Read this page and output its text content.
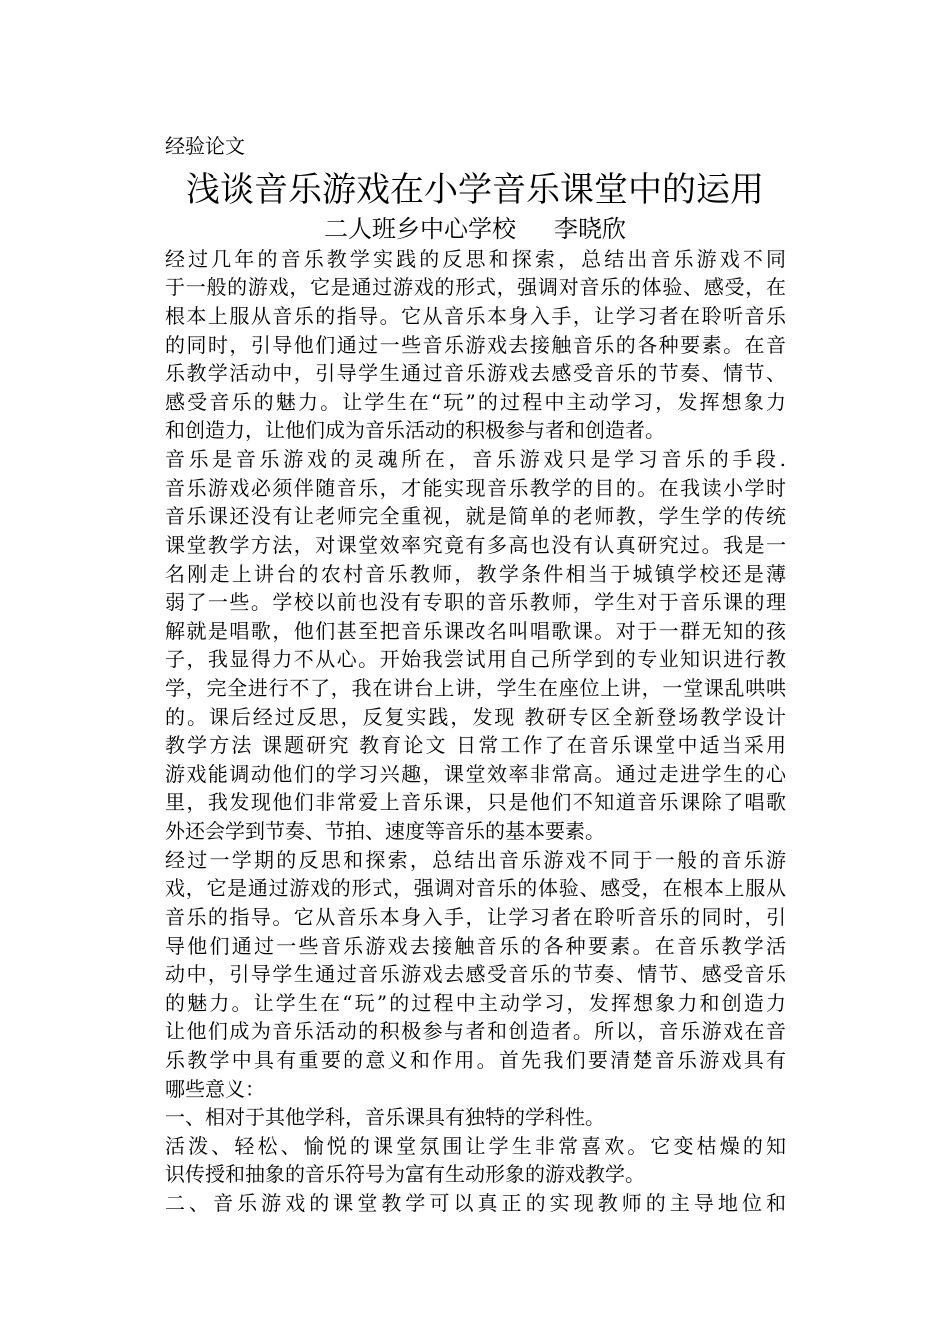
经验论文
浅谈音乐游戏在小学音乐课堂中的运用
二人班乡中心学校 李晓欣
经过几年的音乐教学实践的反思和探索，总结出音乐游戏不同
于一般的游戏，它是通过游戏的形式，强调对音乐的体验、感受，在
根本上服从音乐的指导。它从音乐本身入手，让学习者在聆听音乐
的同时，引导他们通过一些音乐游戏去接触音乐的各种要素。在音
乐教学活动中，引导学生通过音乐游戏去感受音乐的节奏、情节、
感受音乐的魅力。让学生在“玩”的过程中主动学习，发挥想象力
和创造力，让他们成为音乐活动的积极参与者和创造者。
音乐是音乐游戏的灵魂所在，音乐游戏只是学习音乐的手段.
音乐游戏必须伴随音乐，才能实现音乐教学的目的。在我读小学时
音乐课还没有让老师完全重视，就是简单的老师教，学生学的传统
课堂教学方法，对课堂效率究竟有多高也没有认真研究过。我是一
名刚走上讲台的农村音乐教师，教学条件相当于城镇学校还是薄
弱了一些。学校以前也没有专职的音乐教师，学生对于音乐课的理
解就是唱歌，他们甚至把音乐课改名叫唱歌课。对于一群无知的孩
子，我显得力不从心。开始我尝试用自己所学到的专业知识进行教
学，完全进行不了，我在讲台上讲，学生在座位上讲，一堂课乱哄哄
的。课后经过反思，反复实践，发现 教研专区全新登场教学设计
教学方法 课题研究 教育论文 日常工作了在音乐课堂中适当采用
游戏能调动他们的学习兴趣，课堂效率非常高。通过走进学生的心
里，我发现他们非常爱上音乐课，只是他们不知道音乐课除了唱歌
外还会学到节奏、节拍、速度等音乐的基本要素。
经过一学期的反思和探索，总结出音乐游戏不同于一般的音乐游
戏，它是通过游戏的形式，强调对音乐的体验、感受，在根本上服从
音乐的指导。它从音乐本身入手，让学习者在聆听音乐的同时，引
导他们通过一些音乐游戏去接触音乐的各种要素。在音乐教学活
动中，引导学生通过音乐游戏去感受音乐的节奏、情节、感受音乐
的魅力。让学生在“玩”的过程中主动学习，发挥想象力和创造力
让他们成为音乐活动的积极参与者和创造者。所以，音乐游戏在音
乐教学中具有重要的意义和作用。首先我们要清楚音乐游戏具有
哪些意义：
一、相对于其他学科，音乐课具有独特的学科性。
活泼、轻松、愉悦的课堂氛围让学生非常喜欢。它变枯燥的知
识传授和抽象的音乐符号为富有生动形象的游戏教学。
二、音乐游戏的课堂教学可以真正的实现教师的主导地位和
